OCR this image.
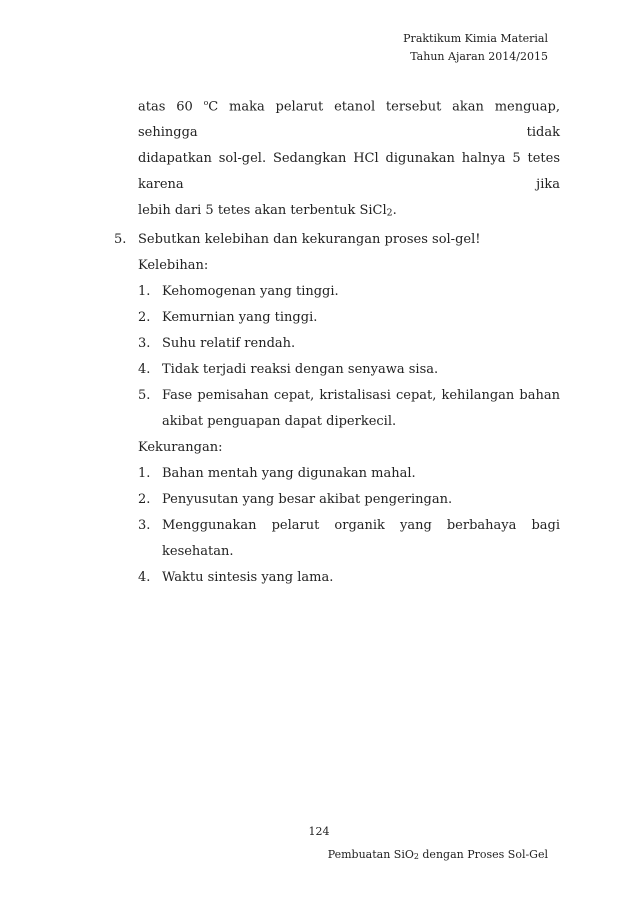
Praktikum Kimia Material
Tahun Ajaran 2014/2015
atas 60 $^o$C maka pelarut etanol tersebut akan menguap, sehingga tidak
didapatkan sol-gel. Sedangkan HCl digunakan halnya 5 tetes karena jika
lebih dari 5 tetes akan terbentuk SiCl2.
5. Sebutkan kelebihan dan kekurangan proses sol-gel!
Kelebihan:
1. Kehomogenan yang tinggi.
2. Kemurnian yang tinggi.
3. Suhu relatif rendah.
4. Tidak terjadi reaksi dengan senyawa sisa.
5. Fase pemisahan cepat, kristalisasi cepat, kehilangan bahan akibat penguapan dapat diperkecil.
Kekurangan:
1. Bahan mentah yang digunakan mahal.
2. Penyusutan yang besar akibat pengeringan.
3. Menggunakan pelarut organik yang berbahaya bagi kesehatan.
4. Waktu sintesis yang lama.
124
Pembuatan SiO2 dengan Proses Sol-Gel
